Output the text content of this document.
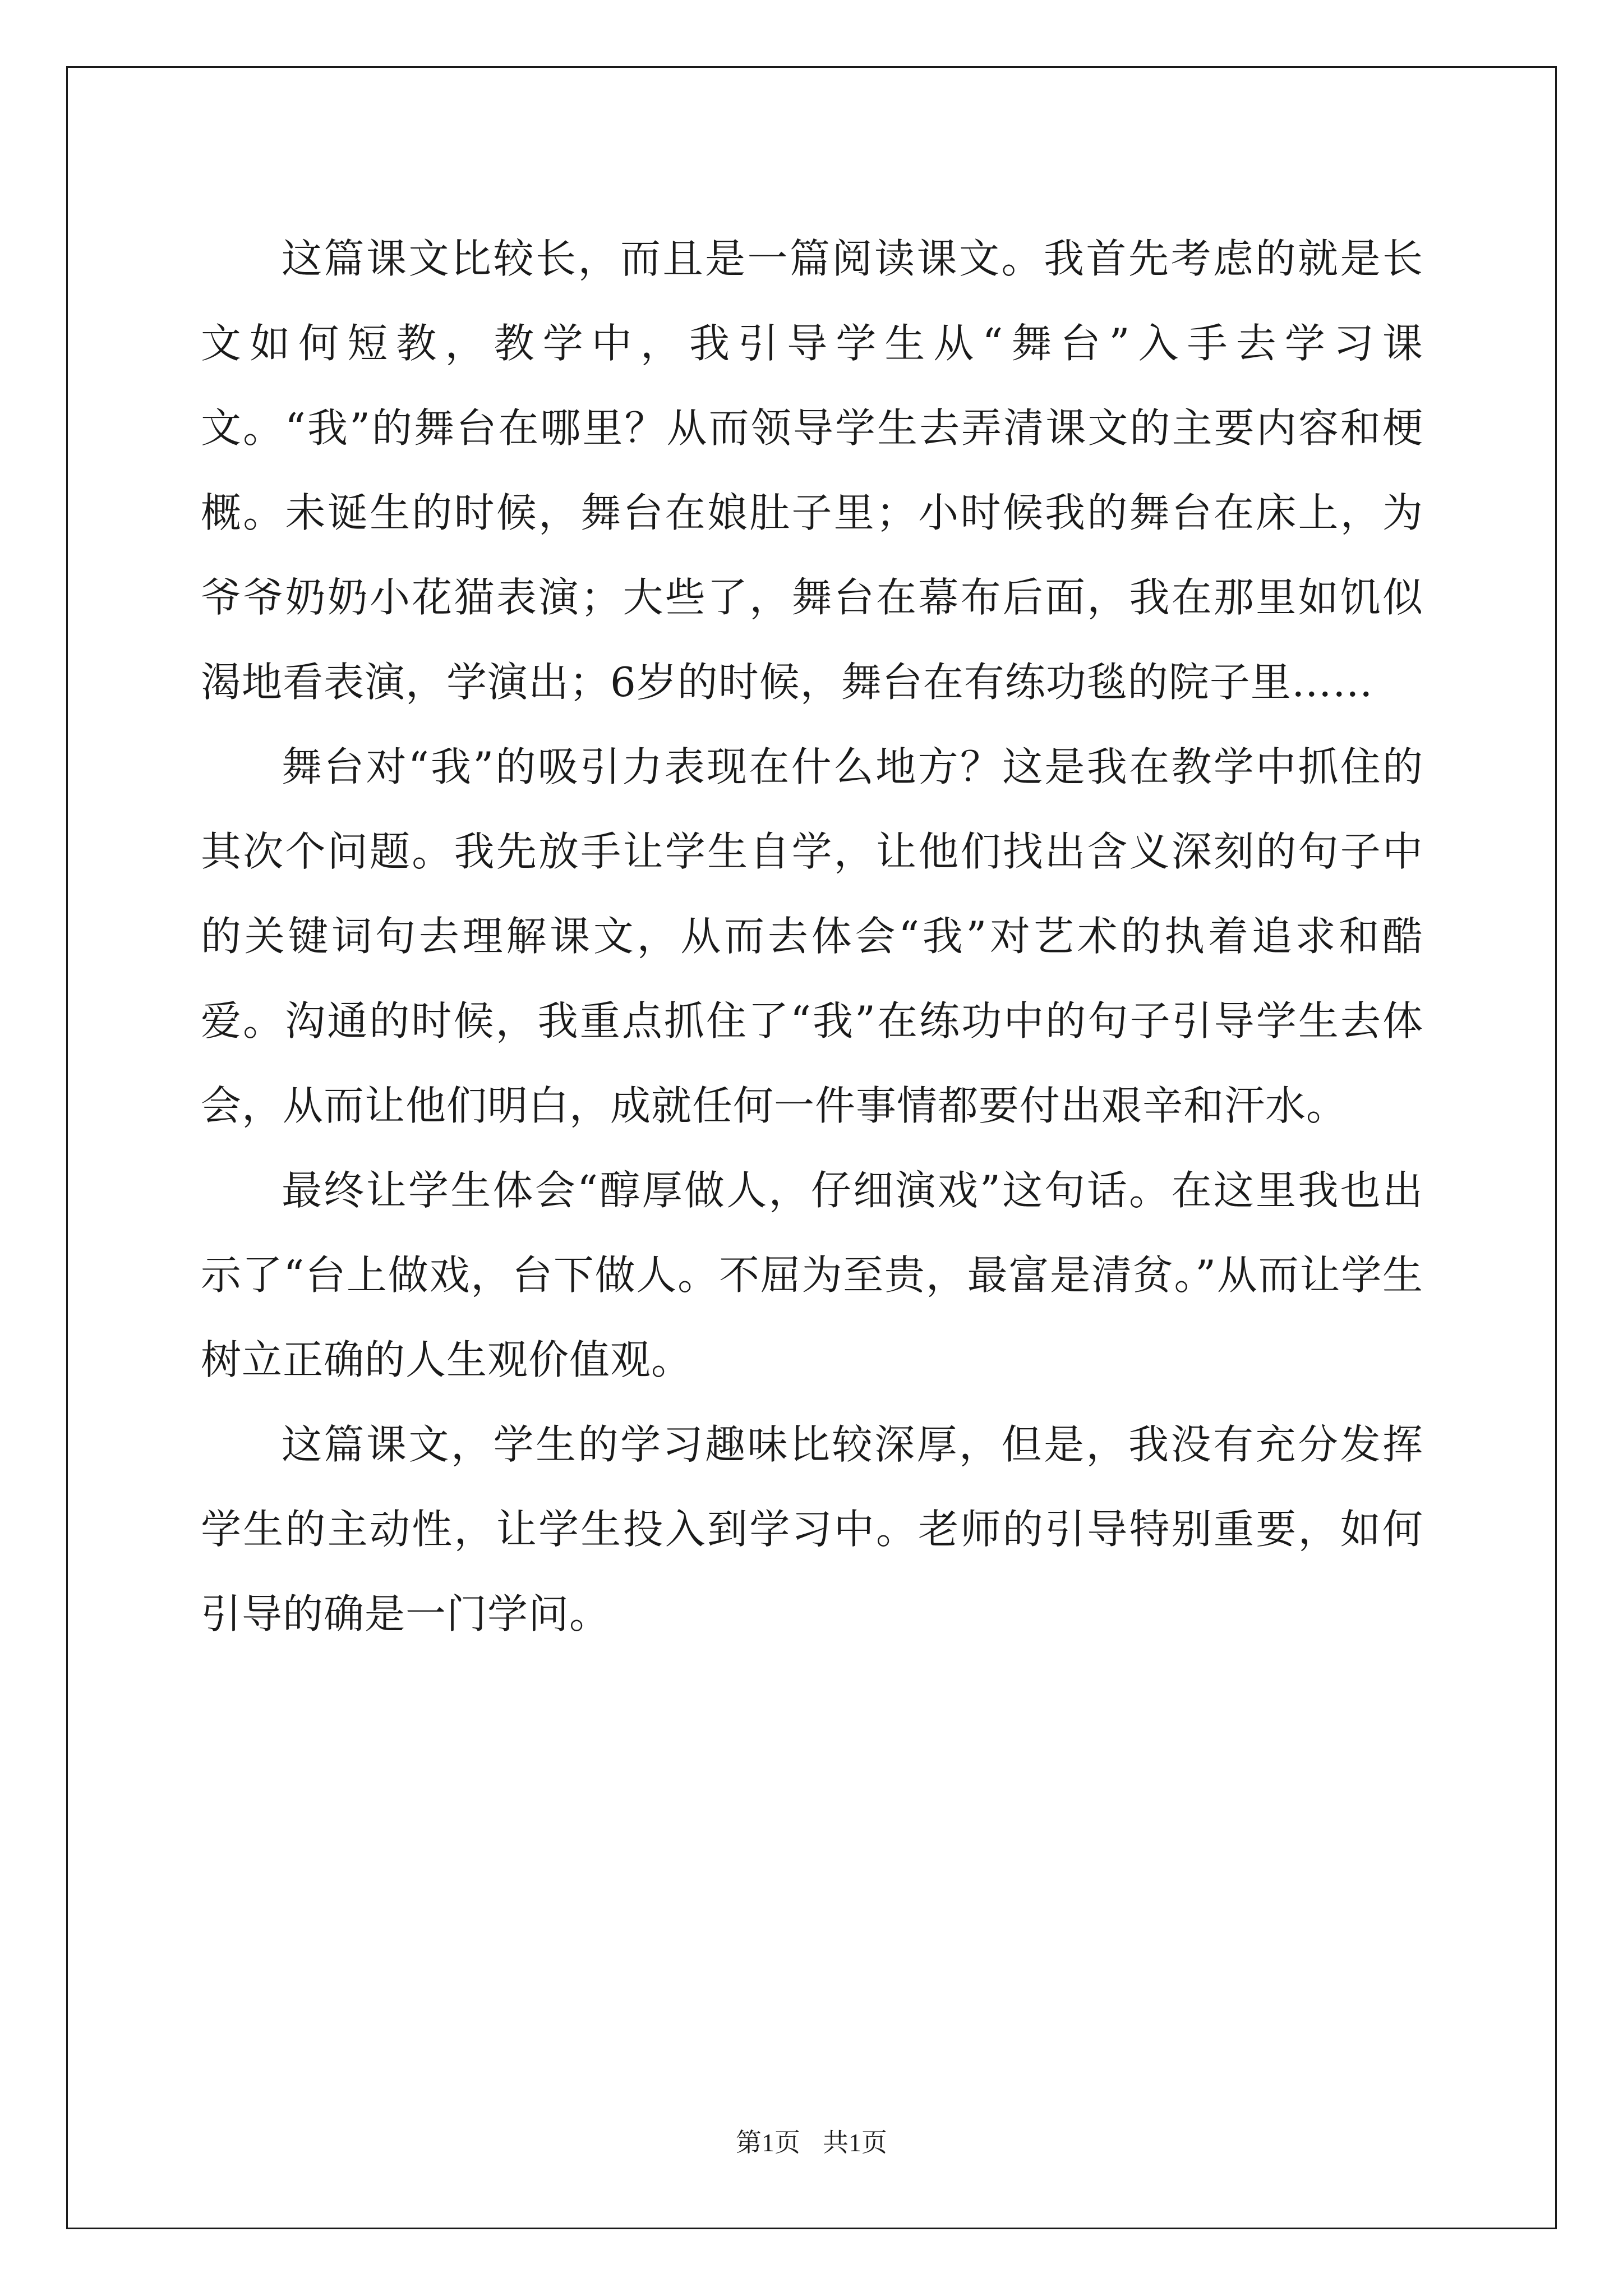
这篇课文比较长，而且是一篇阅读课文。我首先考虑的就是长文如何短教，教学中，我引导学生从“舞台”入手去学习课文。“我”的舞台在哪里？从而领导学生去弄清课文的主要内容和梗概。未诞生的时候，舞台在娘肚子里；小时候我的舞台在床上，为爷爷奶奶小花猫表演；大些了，舞台在幕布后面，我在那里如饥似渴地看表演，学演出；6岁的时候，舞台在有练功毯的院子里……

舞台对“我”的吸引力表现在什么地方？这是我在教学中抓住的其次个问题。我先放手让学生自学，让他们找出含义深刻的句子中的关键词句去理解课文，从而去体会“我”对艺术的执着追求和酷爱。沟通的时候，我重点抓住了“我”在练功中的句子引导学生去体会，从而让他们明白，成就任何一件事情都要付出艰辛和汗水。

最终让学生体会“醇厚做人，仔细演戏”这句话。在这里我也出示了“台上做戏，台下做人。不屈为至贵，最富是清贫。”从而让学生树立正确的人生观价值观。

这篇课文，学生的学习趣味比较深厚，但是，我没有充分发挥学生的主动性，让学生投入到学习中。老师的引导特别重要，如何引导的确是一门学问。

第1页 共1页
